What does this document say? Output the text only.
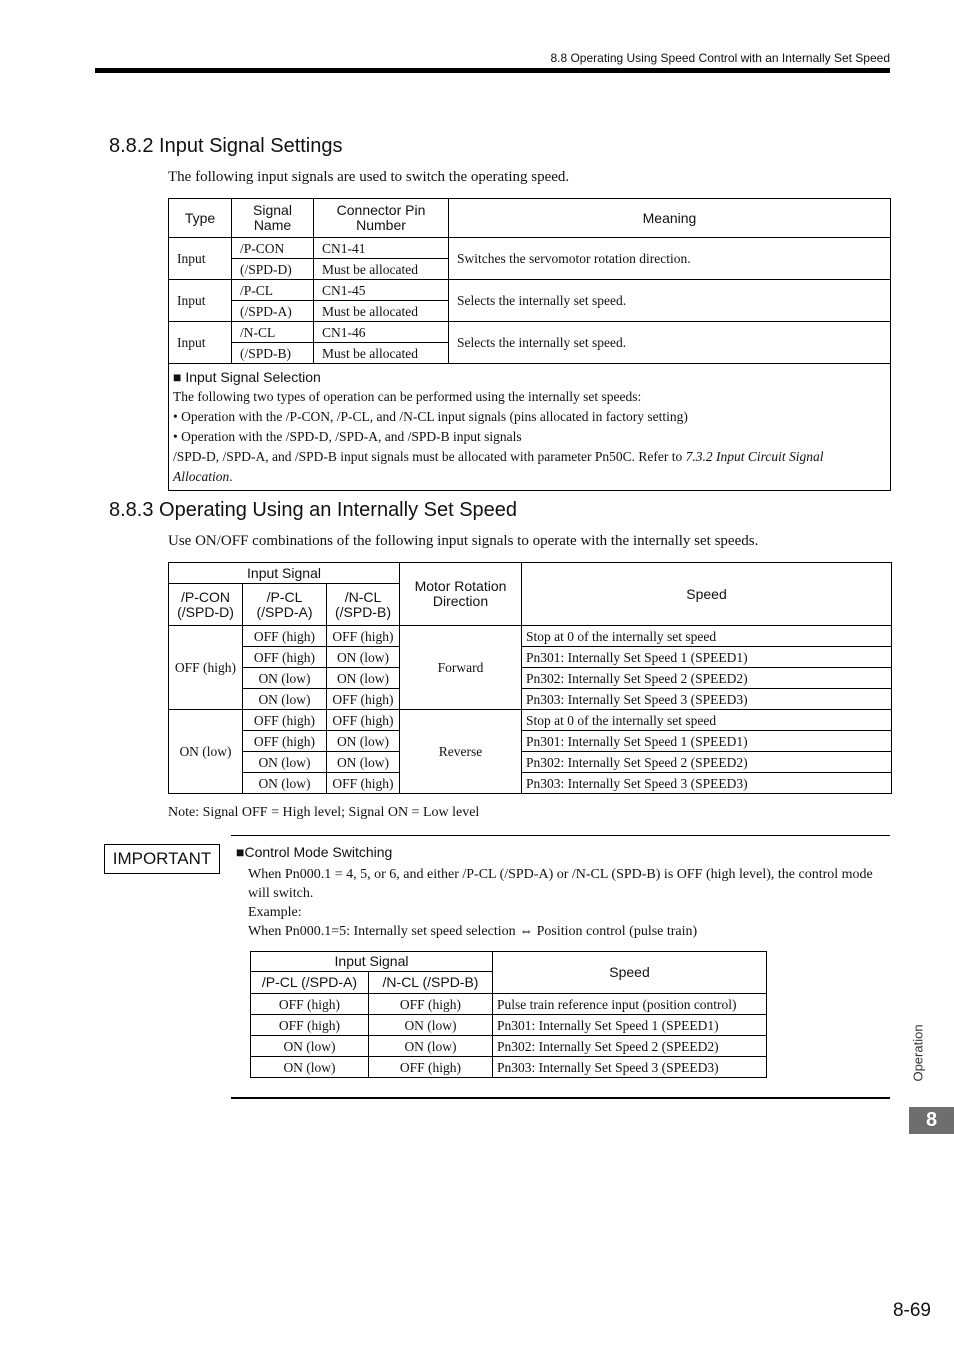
8.8 Operating Using Speed Control with an Internally Set Speed
8.8.2 Input Signal Settings
The following input signals are used to switch the operating speed.
Type	Signal Name	Connector Pin Number	Meaning
Input	/P-CON	CN1-41	Switches the servomotor rotation direction.
	(/SPD-D)	Must be allocated	
Input	/P-CL	CN1-45	Selects the internally set speed.
	(/SPD-A)	Must be allocated	
Input	/N-CL	CN1-46	Selects the internally set speed.
	(/SPD-B)	Must be allocated	

■ Input Signal Selection
The following two types of operation can be performed using the internally set speeds:
• Operation with the /P-CON, /P-CL, and /N-CL input signals (pins allocated in factory setting)
• Operation with the /SPD-D, /SPD-A, and /SPD-B input signals
/SPD-D, /SPD-A, and /SPD-B input signals must be allocated with parameter Pn50C. Refer to 7.3.2 Input Circuit Signal Allocation.			
8.8.3 Operating Using an Internally Set Speed
Use ON/OFF combinations of the following input signals to operate with the internally set speeds.
Input Signal			Motor Rotation Direction	Speed
/P-CON (/SPD-D)	/P-CL (/SPD-A)	/N-CL (/SPD-B)		
OFF (high)	OFF (high)	OFF (high)	Forward	Stop at 0 of the internally set speed
	OFF (high)	ON (low)		Pn301: Internally Set Speed 1 (SPEED1)
	ON (low)	ON (low)		Pn302: Internally Set Speed 2 (SPEED2)
	ON (low)	OFF (high)		Pn303: Internally Set Speed 3 (SPEED3)
ON (low)	OFF (high)	OFF (high)	Reverse	Stop at 0 of the internally set speed
	OFF (high)	ON (low)		Pn301: Internally Set Speed 1 (SPEED1)
	ON (low)	ON (low)		Pn302: Internally Set Speed 2 (SPEED2)
	ON (low)	OFF (high)		Pn303: Internally Set Speed 3 (SPEED3)
Note: Signal OFF = High level; Signal ON = Low level
IMPORTANT	■Control Mode Switching

When Pn000.1 = 4, 5, or 6, and either /P-CL (/SPD-A) or /N-CL (SPD-B) is OFF (high level), the control mode will switch.

Example:

When Pn000.1=5: Internally set speed selection ⇔ Position control (pulse train)

Input Signal		Speed
/P-CL (/SPD-A)	/N-CL (/SPD-B)	
OFF (high)	OFF (high)	Pulse train reference input (position control)
OFF (high)	ON (low)	Pn301: Internally Set Speed 1 (SPEED1)
ON (low)	ON (low)	Pn302: Internally Set Speed 2 (SPEED2)
ON (low)	OFF (high)	Pn303: Internally Set Speed 3 (SPEED3)	Operation
8
8-69
